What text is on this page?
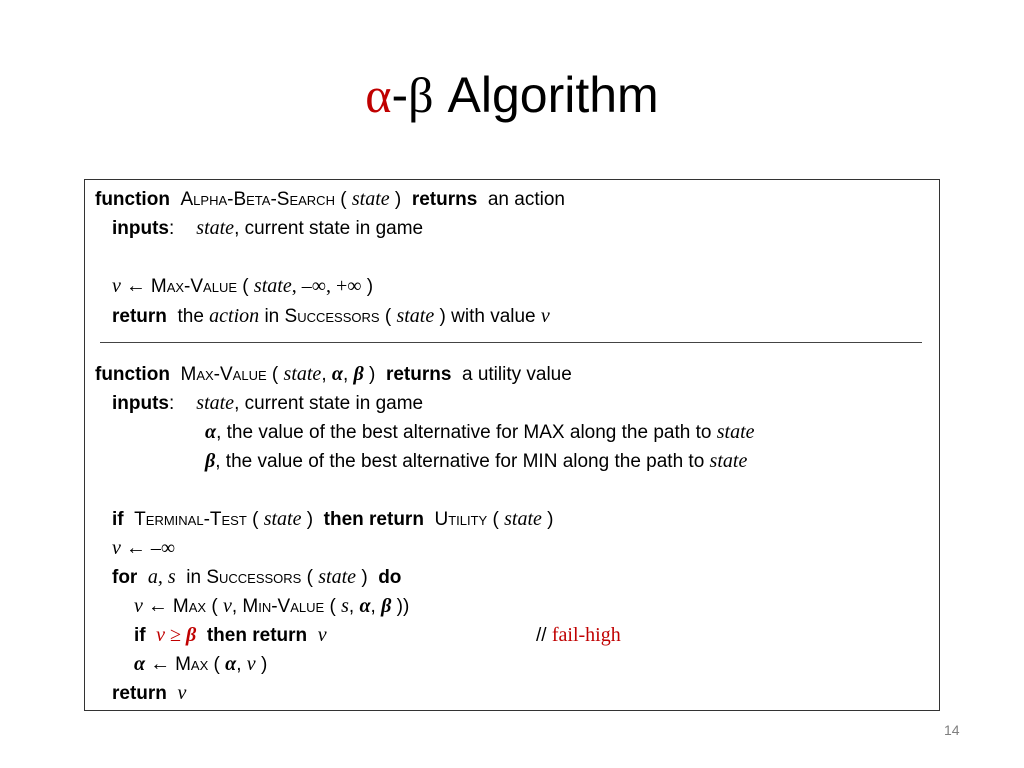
α-β Algorithm
function Alpha-Beta-Search ( state ) returns an action
inputs: state, current state in game
v ← Max-Value ( state, –∞, +∞ )
return the action in Successors ( state ) with value v
function Max-Value ( state, α, β ) returns a utility value
inputs: state, current state in game
α, the value of the best alternative for MAX along the path to state
β, the value of the best alternative for MIN along the path to state
if Terminal-Test ( state ) then return Utility ( state )
v ← –∞
for a, s in Successors ( state ) do
v ← Max ( v, Min-Value ( s, α, β ))
if v ≥ β then return v	// fail-high
α ← Max ( α, v )
return v
14
